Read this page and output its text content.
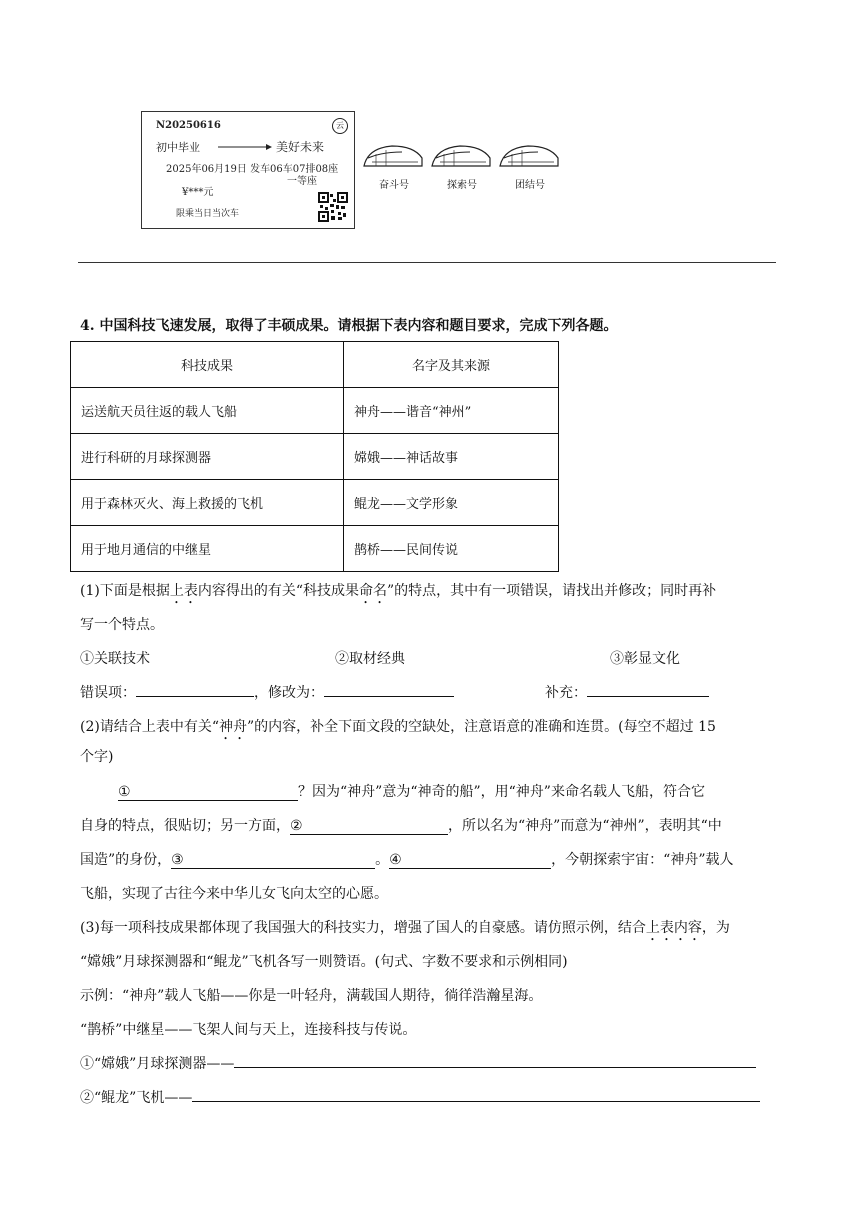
N20250616	云
初中毕业	美好未来
2025年06月19日 发车 06车07排08座
一等座
¥***元
限乘当日当次车
奋斗号	探索号	团结号
4. 中国科技飞速发展，取得了丰硕成果。请根据下表内容和题目要求，完成下列各题。
科技成果	名字及其来源
运送航天员往返的载人飞船	神舟——谐音“神州”
进行科研的月球探测器	嫦娥——神话故事
用于森林灭火、海上救援的飞机	鲲龙——文学形象
用于地月通信的中继星	鹊桥——民间传说
(1)下面是根据上表内容得出的有关“科技成果命名”的特点，其中有一项错误，请找出并修改；同时再补
写一个特点。
①关联技术	②取材经典	③彰显文化
错误项：	，修改为：	补充：
(2)请结合上表中有关“神舟”的内容，补全下面文段的空缺处，注意语意的准确和连贯。(每空不超过 15
个字)
①	？因为“神舟”意为“神奇的船”，用“神舟”来命名载人飞船，符合它
自身的特点，很贴切；另一方面，②	，所以名为“神舟”而意为“神州”，表明其“中
国造”的身份，③	。④	，今朝探索宇宙：“神舟”载人
飞船，实现了古往今来中华儿女飞向太空的心愿。
(3)每一项科技成果都体现了我国强大的科技实力，增强了国人的自豪感。请仿照示例，结合上表内容，为
“嫦娥”月球探测器和“鲲龙”飞机各写一则赞语。(句式、字数不要求和示例相同)
示例：“神舟”载人飞船——你是一叶轻舟，满载国人期待，徜徉浩瀚星海。
“鹊桥”中继星——飞架人间与天上，连接科技与传说。
①“嫦娥”月球探测器——
②“鲲龙”飞机——
